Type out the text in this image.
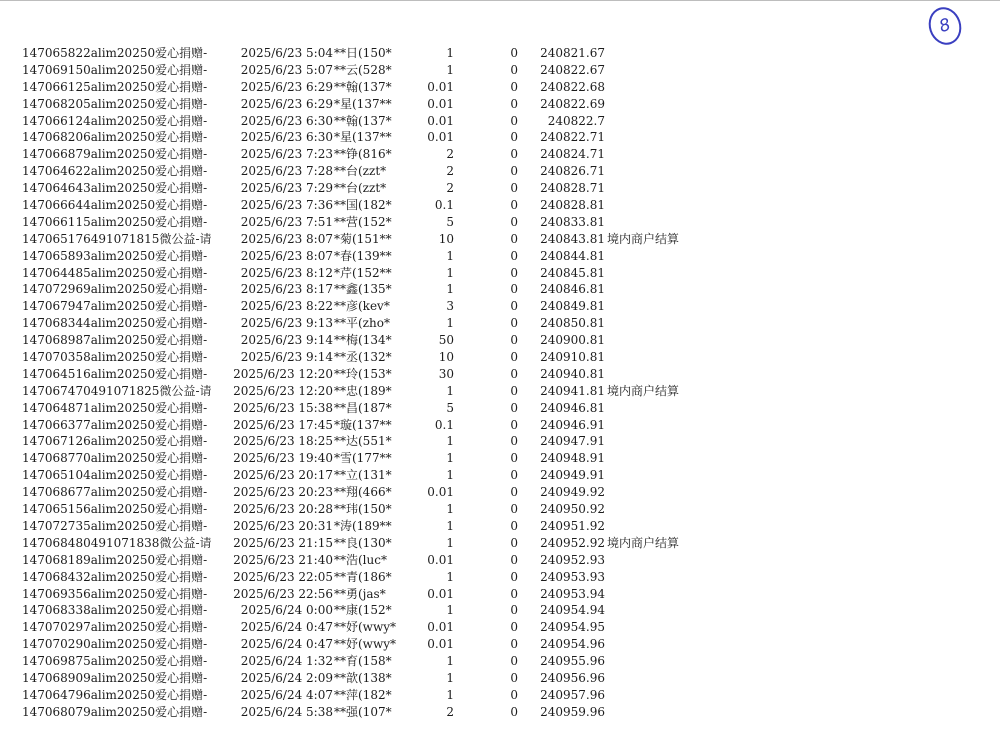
8
147065822alim20250爱心捐赠-	2025/6/23 5:04 **日(150*	1	0	240821.67
147069150alim20250爱心捐赠-	2025/6/23 5:07 **云(528*	1	0	240822.67
147066125alim20250爱心捐赠-	2025/6/23 6:29 **翰(137*	0.01	0	240822.68
147068205alim20250爱心捐赠-	2025/6/23 6:29 *星(137**	0.01	0	240822.69
147066124alim20250爱心捐赠-	2025/6/23 6:30 **翰(137*	0.01	0	240822.7
147068206alim20250爱心捐赠-	2025/6/23 6:30 *星(137**	0.01	0	240822.71
147066879alim20250爱心捐赠-	2025/6/23 7:23 **铮(816*	2	0	240824.71
147064622alim20250爱心捐赠-	2025/6/23 7:28 **台(zzt*	2	0	240826.71
147064643alim20250爱心捐赠-	2025/6/23 7:29 **台(zzt*	2	0	240828.71
147066644alim20250爱心捐赠-	2025/6/23 7:36 **国(182*	0.1	0	240828.81
147066115alim20250爱心捐赠-	2025/6/23 7:51 **营(152*	5	0	240833.81
147065176491071815微公益-请	2025/6/23 8:07 *菊(151**	10	0	240843.81 境内商户结算
147065893alim20250爱心捐赠-	2025/6/23 8:07 *春(139**	1	0	240844.81
147064485alim20250爱心捐赠-	2025/6/23 8:12 *芹(152**	1	0	240845.81
147072969alim20250爱心捐赠-	2025/6/23 8:17 **鑫(135*	1	0	240846.81
147067947alim20250爱心捐赠-	2025/6/23 8:22 **彦(kev*	3	0	240849.81
147068344alim20250爱心捐赠-	2025/6/23 9:13 **平(zho*	1	0	240850.81
147068987alim20250爱心捐赠-	2025/6/23 9:14 **梅(134*	50	0	240900.81
147070358alim20250爱心捐赠-	2025/6/23 9:14 **丞(132*	10	0	240910.81
147064516alim20250爱心捐赠-	2025/6/23 12:20 **玲(153*	30	0	240940.81
147067470491071825微公益-请	2025/6/23 12:20 **忠(189*	1	0	240941.81 境内商户结算
147064871alim20250爱心捐赠-	2025/6/23 15:38 **昌(187*	5	0	240946.81
147066377alim20250爱心捐赠-	2025/6/23 17:45 *璇(137**	0.1	0	240946.91
147067126alim20250爱心捐赠-	2025/6/23 18:25 **达(551*	1	0	240947.91
147068770alim20250爱心捐赠-	2025/6/23 19:40 *雪(177**	1	0	240948.91
147065104alim20250爱心捐赠-	2025/6/23 20:17 **立(131*	1	0	240949.91
147068677alim20250爱心捐赠-	2025/6/23 20:23 **翔(466*	0.01	0	240949.92
147065156alim20250爱心捐赠-	2025/6/23 20:28 **玮(150*	1	0	240950.92
147072735alim20250爱心捐赠-	2025/6/23 20:31 *涛(189**	1	0	240951.92
147068480491071838微公益-请	2025/6/23 21:15 **良(130*	1	0	240952.92 境内商户结算
147068189alim20250爱心捐赠-	2025/6/23 21:40 **浩(luc*	0.01	0	240952.93
147068432alim20250爱心捐赠-	2025/6/23 22:05 **青(186*	1	0	240953.93
147069356alim20250爱心捐赠-	2025/6/23 22:56 **勇(jas*	0.01	0	240953.94
147068338alim20250爱心捐赠-	2025/6/24 0:00 **康(152*	1	0	240954.94
147070297alim20250爱心捐赠-	2025/6/24 0:47 **妤(wwy*	0.01	0	240954.95
147070290alim20250爱心捐赠-	2025/6/24 0:47 **妤(wwy*	0.01	0	240954.96
147069875alim20250爱心捐赠-	2025/6/24 1:32 **育(158*	1	0	240955.96
147068909alim20250爱心捐赠-	2025/6/24 2:09 **歆(138*	1	0	240956.96
147064796alim20250爱心捐赠-	2025/6/24 4:07 **萍(182*	1	0	240957.96
147068079alim20250爱心捐赠-	2025/6/24 5:38 **强(107*	2	0	240959.96
